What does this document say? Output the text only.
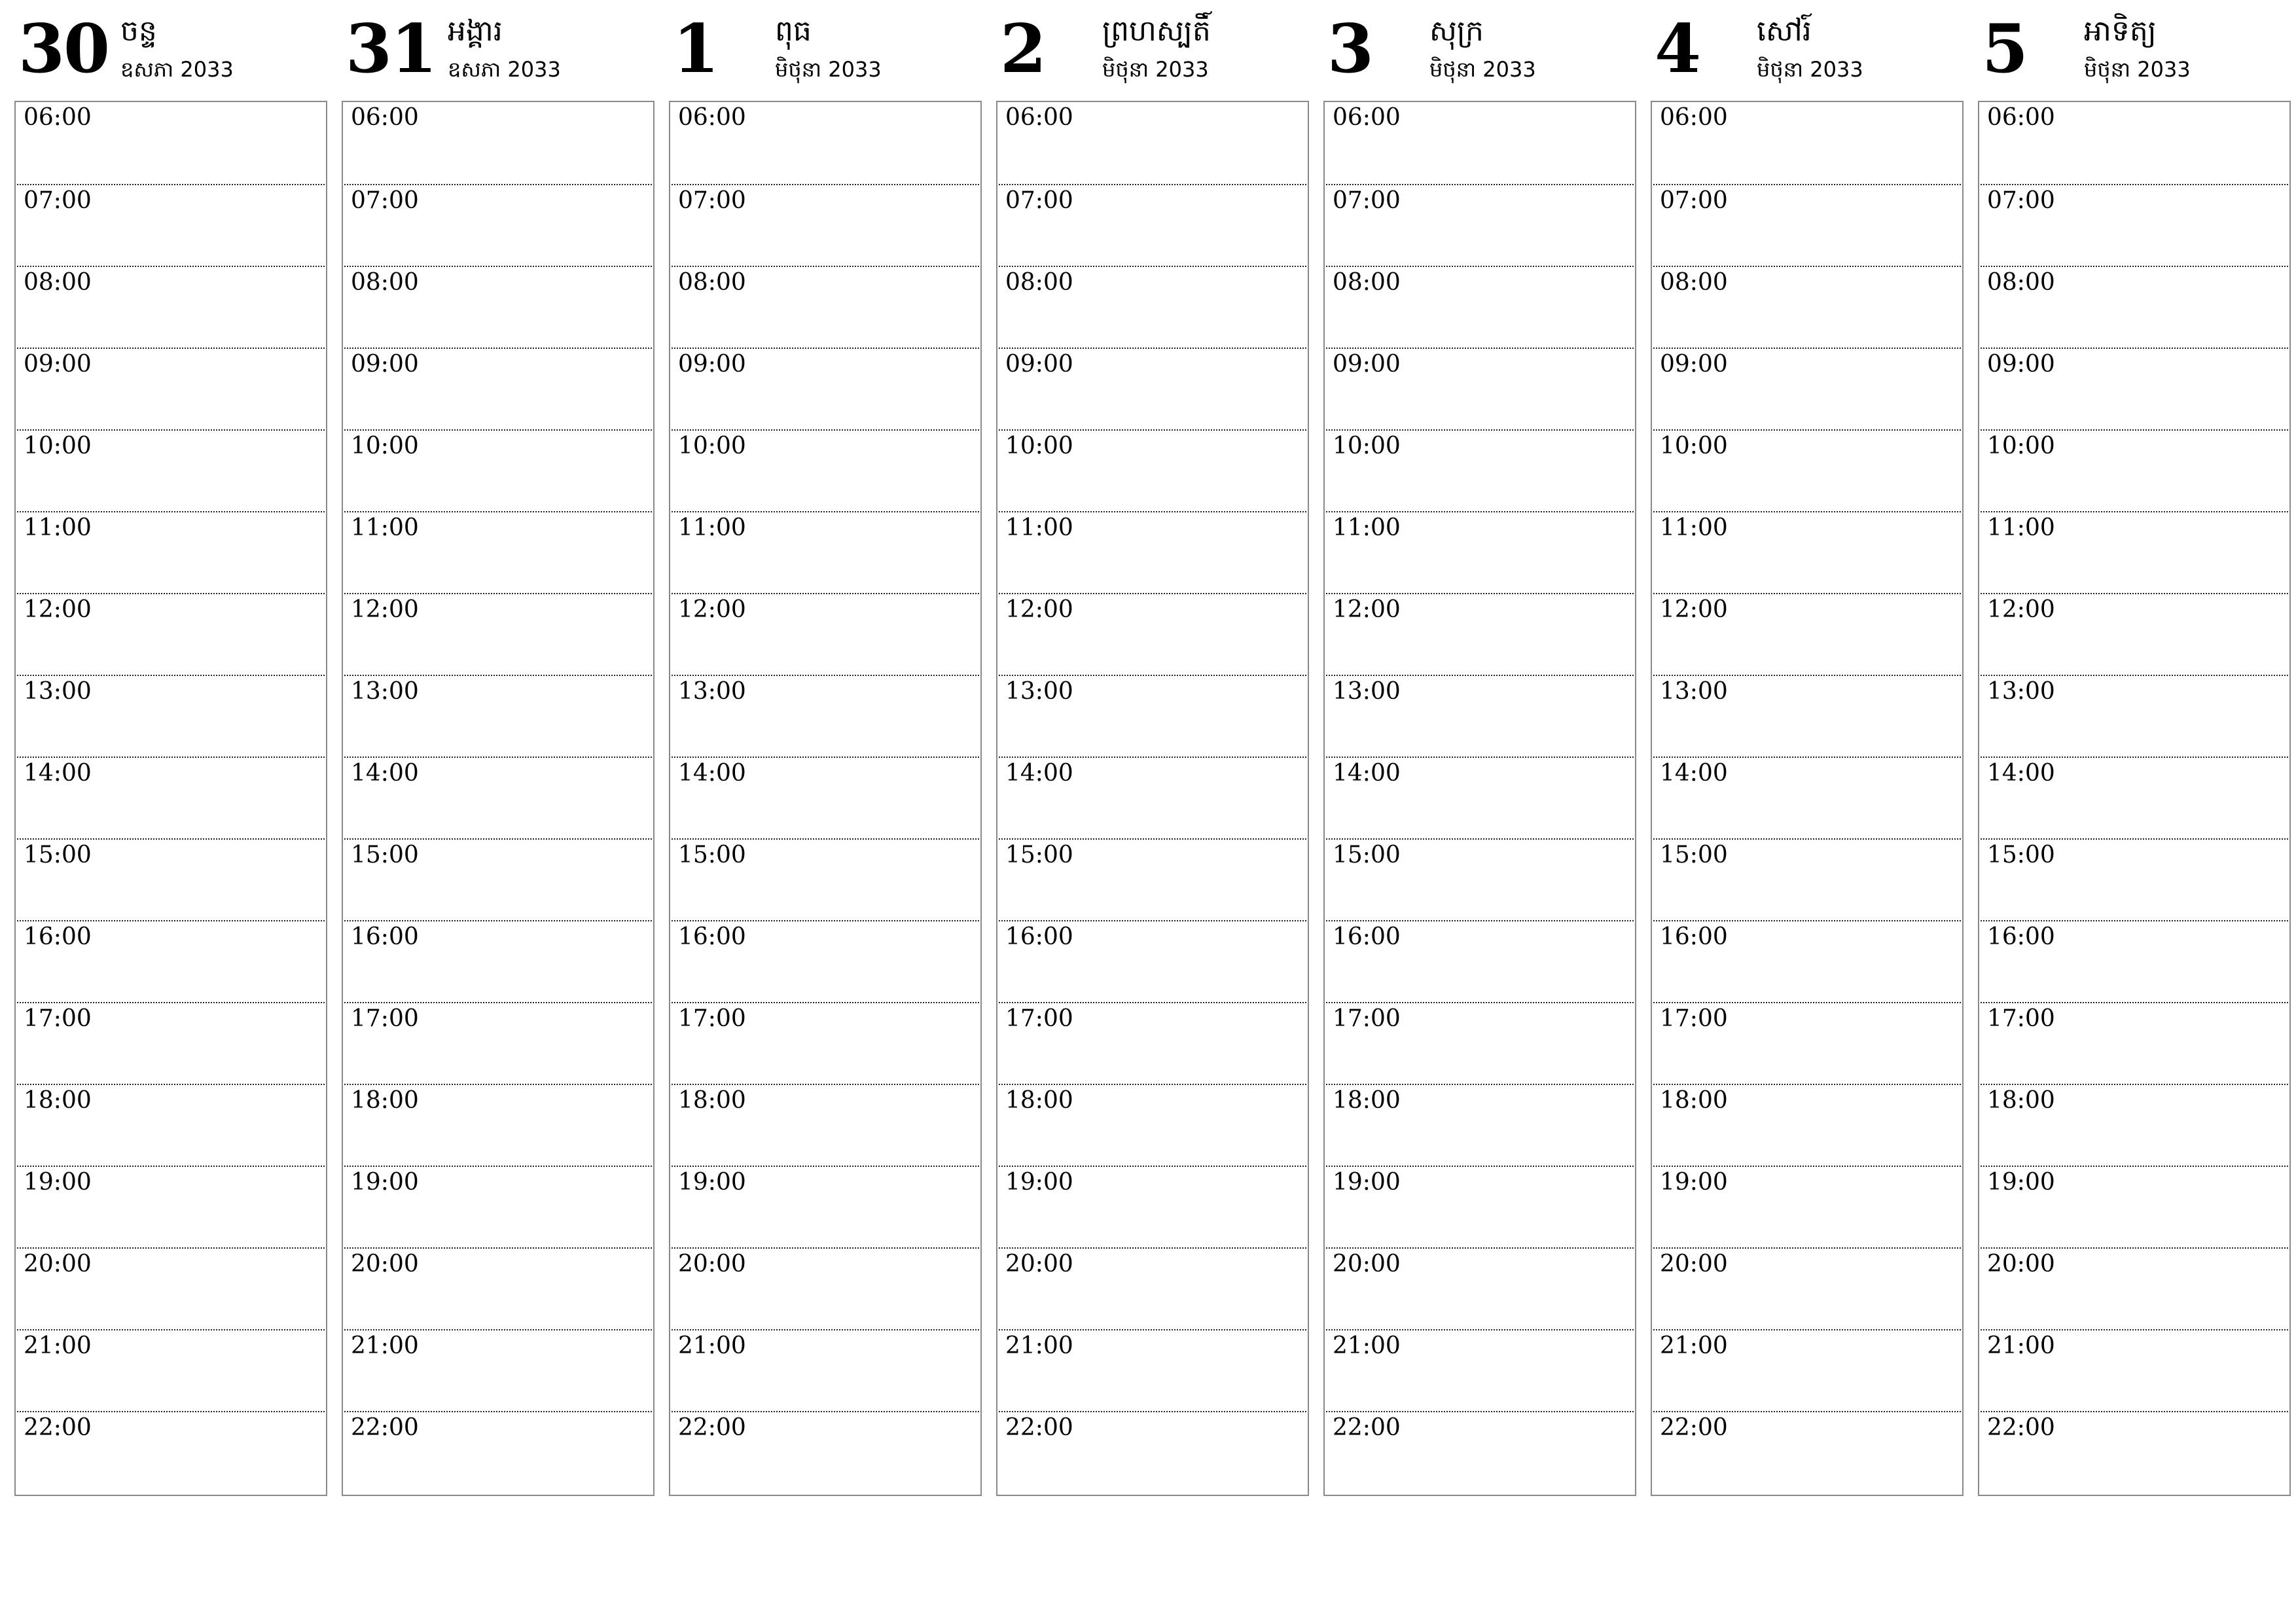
30 ចន្ទ
ឧសភា 2033
06:00
07:00
08:00
09:00
10:00
11:00
12:00
13:00
14:00
15:00
16:00
17:00
18:00
19:00
20:00
21:00
22:00
31 អង្គារ
ឧសភា 2033
06:00
07:00
08:00
09:00
10:00
11:00
12:00
13:00
14:00
15:00
16:00
17:00
18:00
19:00
20:00
21:00
22:00
1 ពុធ
មិថុនា 2033
06:00
07:00
08:00
09:00
10:00
11:00
12:00
13:00
14:00
15:00
16:00
17:00
18:00
19:00
20:00
21:00
22:00
2 ព្រហស្បតិ៍
មិថុនា 2033
06:00
07:00
08:00
09:00
10:00
11:00
12:00
13:00
14:00
15:00
16:00
17:00
18:00
19:00
20:00
21:00
22:00
3 សុក្រ
មិថុនា 2033
06:00
07:00
08:00
09:00
10:00
11:00
12:00
13:00
14:00
15:00
16:00
17:00
18:00
19:00
20:00
21:00
22:00
4 សៅរ៍
មិថុនា 2033
06:00
07:00
08:00
09:00
10:00
11:00
12:00
13:00
14:00
15:00
16:00
17:00
18:00
19:00
20:00
21:00
22:00
5 អាទិត្យ
មិថុនា 2033
06:00
07:00
08:00
09:00
10:00
11:00
12:00
13:00
14:00
15:00
16:00
17:00
18:00
19:00
20:00
21:00
22:00
